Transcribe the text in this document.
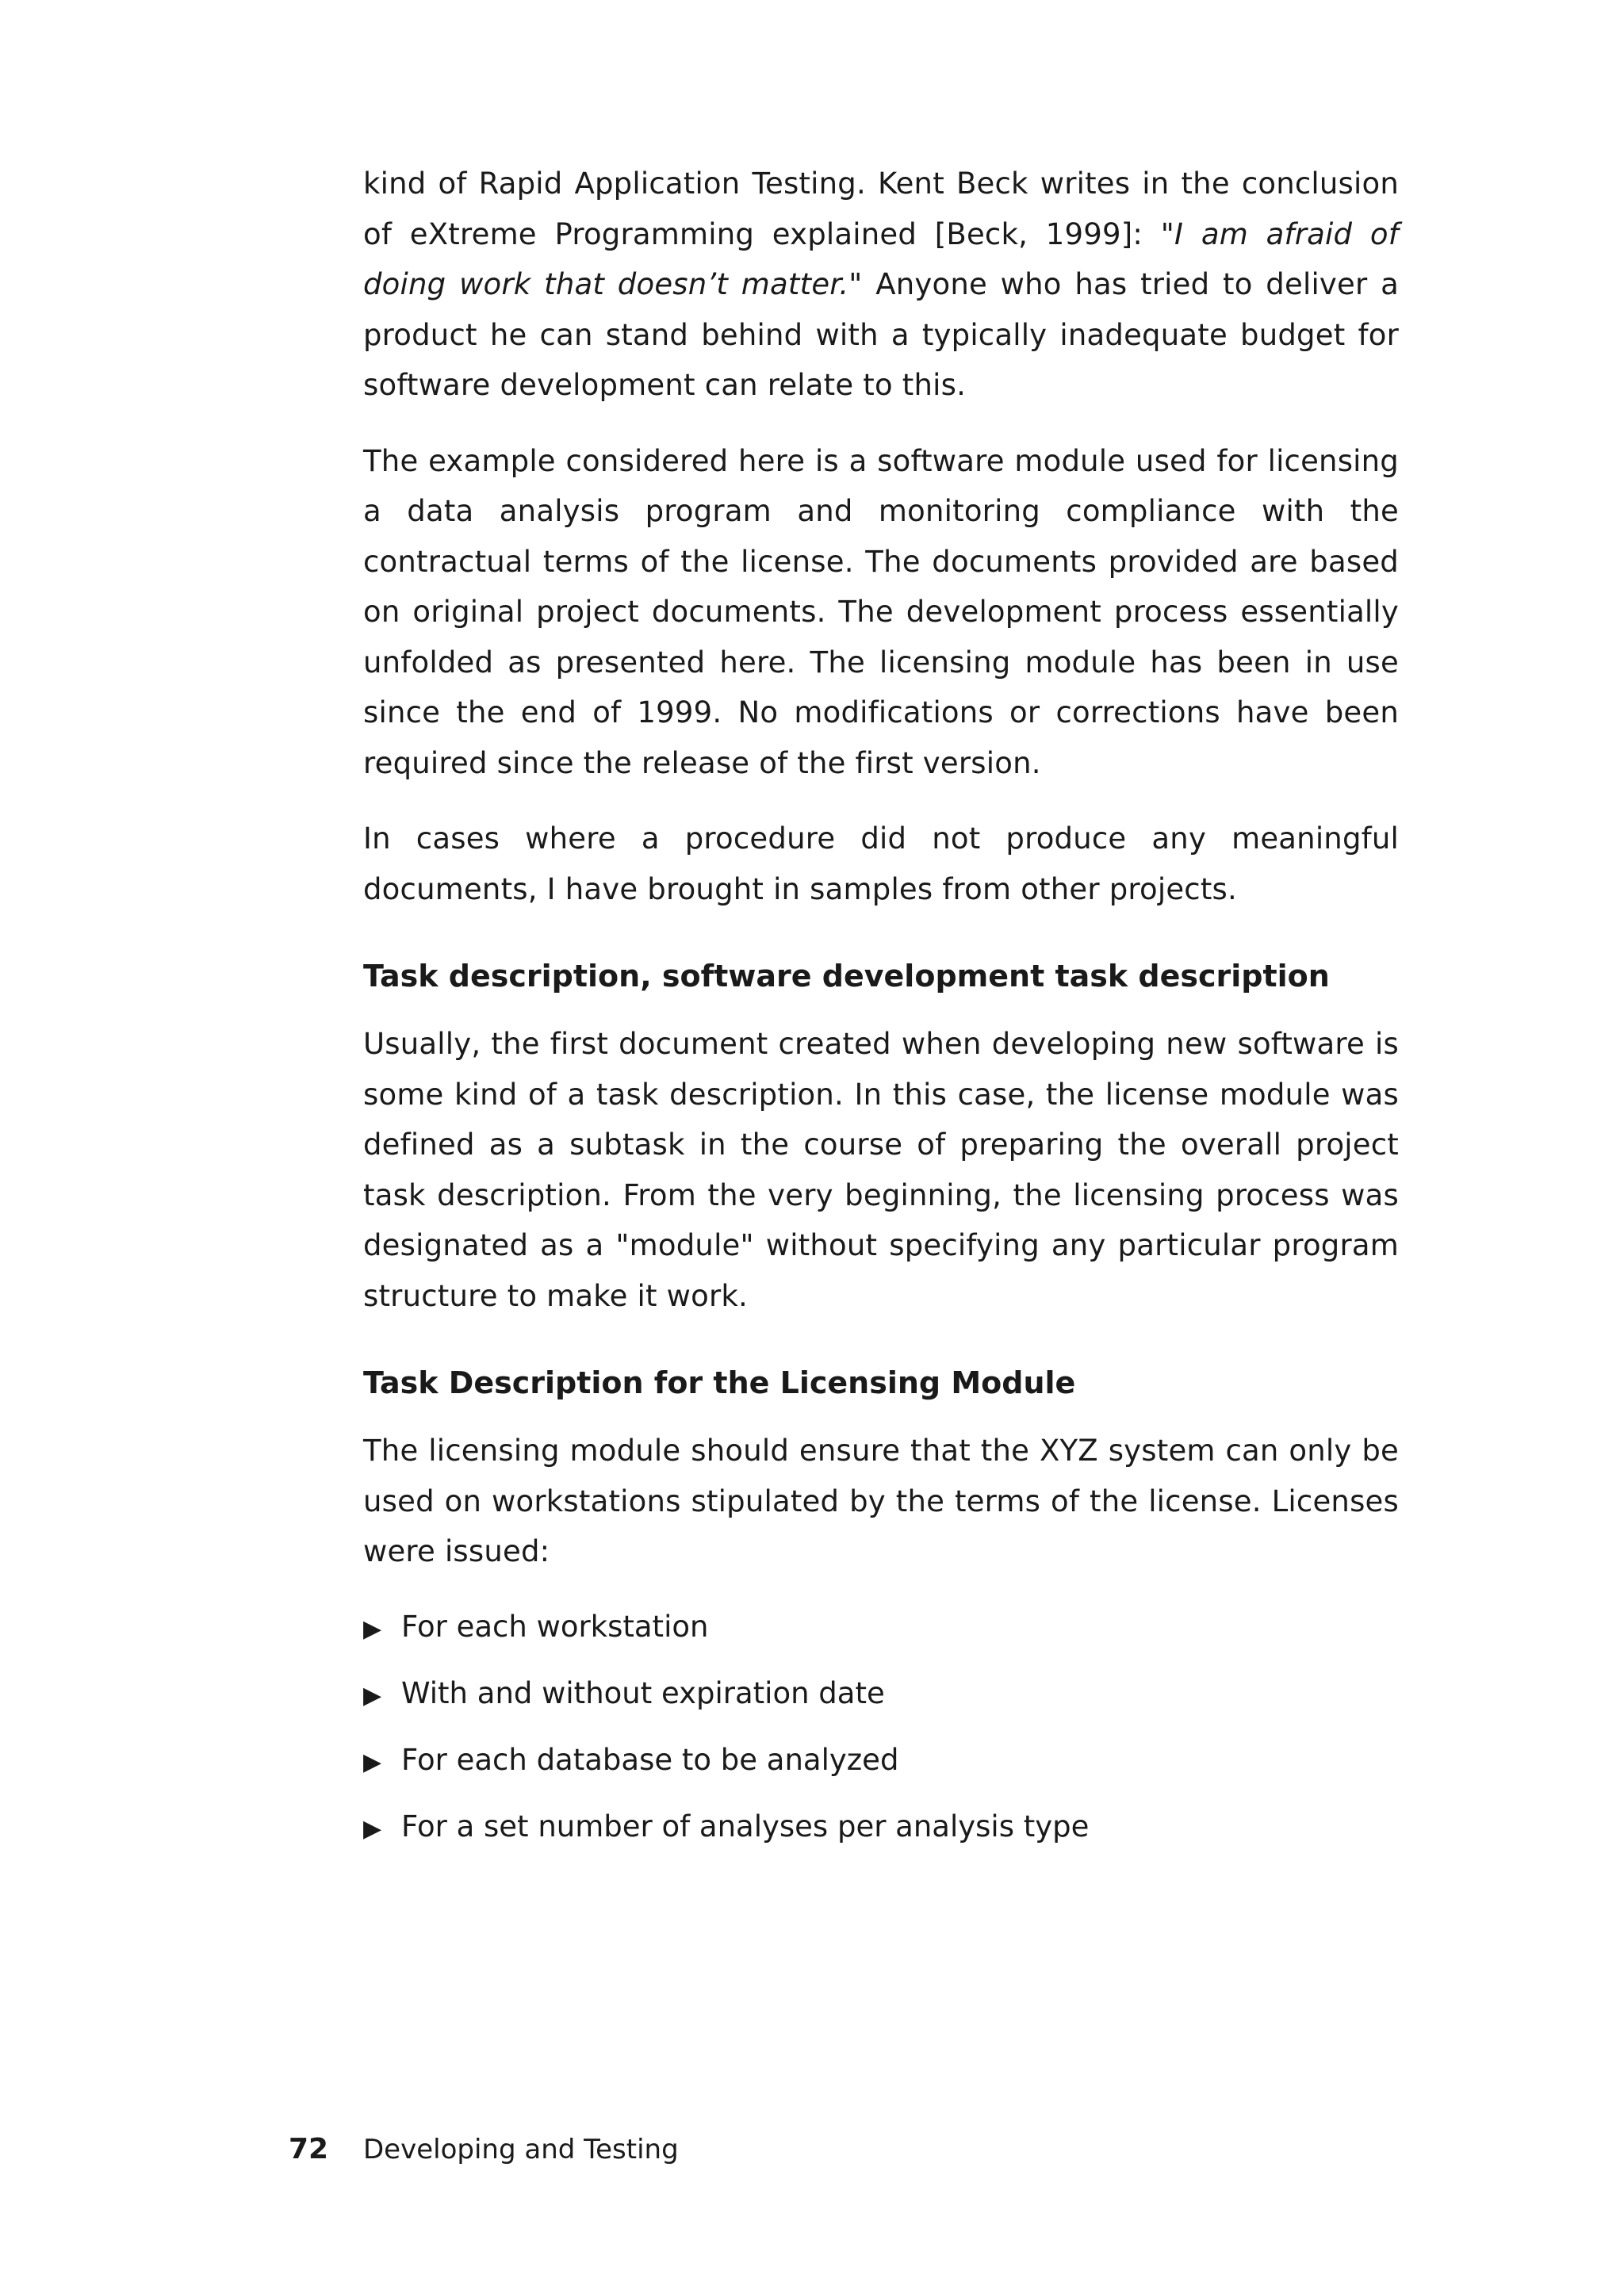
kind of Rapid Application Testing. Kent Beck writes in the conclusion of eXtreme Programming explained [Beck, 1999]: "I am afraid of doing work that doesn’t matter." Anyone who has tried to deliver a product he can stand behind with a typically inadequate budget for software development can relate to this.

The example considered here is a software module used for licensing a data analysis program and monitoring compliance with the contractual terms of the license. The documents provided are based on original project documents. The development process essentially unfolded as presented here. The licensing module has been in use since the end of 1999. No modifications or corrections have been required since the release of the first version.

In cases where a procedure did not produce any meaningful documents, I have brought in samples from other projects.

Task description, software development task description

Usually, the first document created when developing new software is some kind of a task description. In this case, the license module was defined as a subtask in the course of preparing the overall project task description. From the very beginning, the licensing process was designated as a "module" without specifying any particular program structure to make it work.

Task Description for the Licensing Module

The licensing module should ensure that the XYZ system can only be used on workstations stipulated by the terms of the license. Licenses were issued:

▶ For each workstation
▶ With and without expiration date
▶ For each database to be analyzed
▶ For a set number of analyses per analysis type
72	Developing and Testing
